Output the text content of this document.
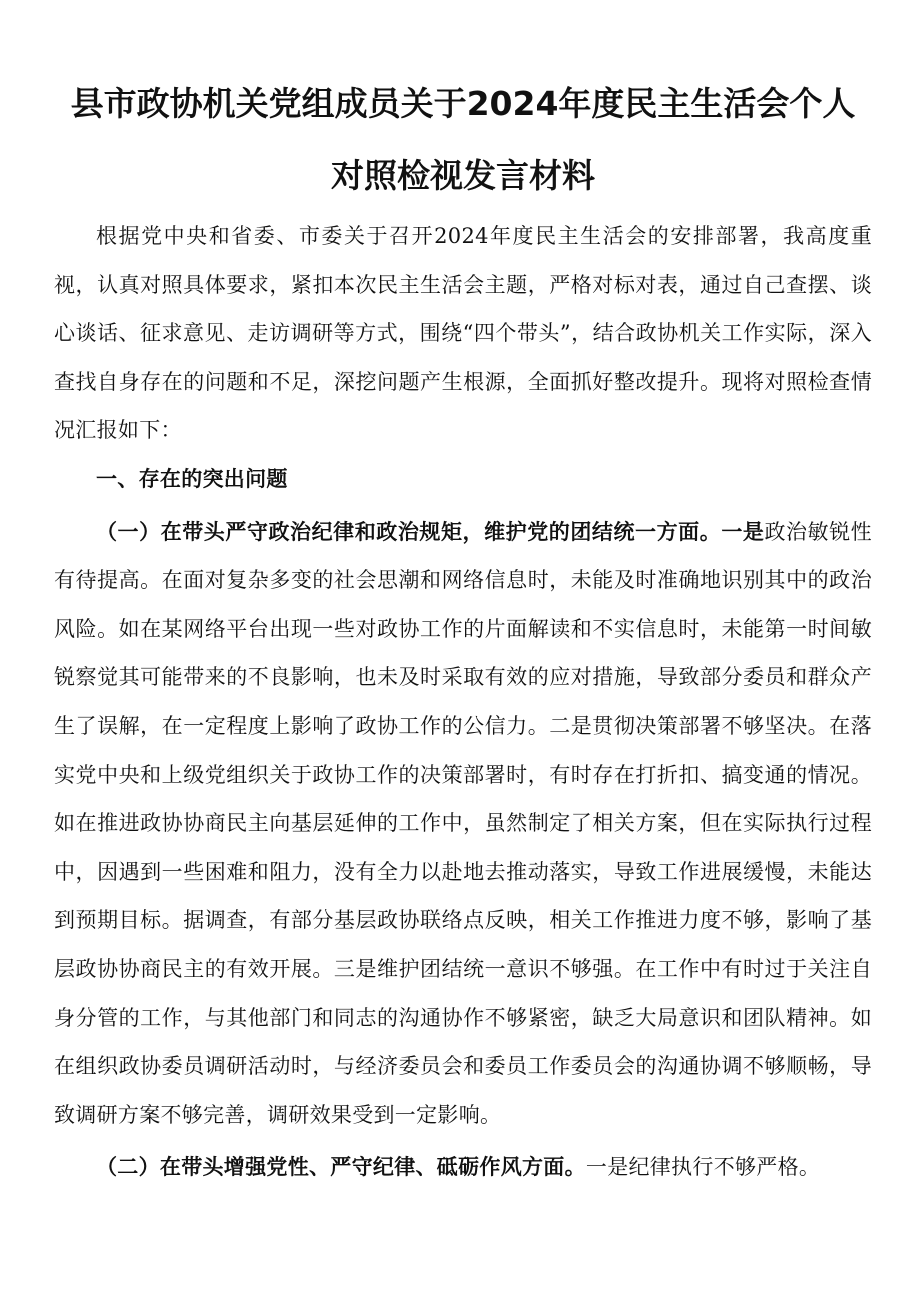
县市政协机关党组成员关于2024年度民主生活会个人
对照检视发言材料

根据党中央和省委、市委关于召开2024年度民主生活会的安排部署，我高度重视，认真对照具体要求，紧扣本次民主生活会主题，严格对标对表，通过自己查摆、谈心谈话、征求意见、走访调研等方式，围绕“四个带头”，结合政协机关工作实际，深入查找自身存在的问题和不足，深挖问题产生根源，全面抓好整改提升。现将对照检查情况汇报如下：

一、存在的突出问题

（一）在带头严守政治纪律和政治规矩，维护党的团结统一方面。一是政治敏锐性有待提高。在面对复杂多变的社会思潮和网络信息时，未能及时准确地识别其中的政治风险。如在某网络平台出现一些对政协工作的片面解读和不实信息时，未能第一时间敏锐察觉其可能带来的不良影响，也未及时采取有效的应对措施，导致部分委员和群众产生了误解，在一定程度上影响了政协工作的公信力。二是贯彻决策部署不够坚决。在落实党中央和上级党组织关于政协工作的决策部署时，有时存在打折扣、搞变通的情况。如在推进政协协商民主向基层延伸的工作中，虽然制定了相关方案，但在实际执行过程中，因遇到一些困难和阻力，没有全力以赴地去推动落实，导致工作进展缓慢，未能达到预期目标。据调查，有部分基层政协联络点反映，相关工作推进力度不够，影响了基层政协协商民主的有效开展。三是维护团结统一意识不够强。在工作中有时过于关注自身分管的工作，与其他部门和同志的沟通协作不够紧密，缺乏大局意识和团队精神。如在组织政协委员调研活动时，与经济委员会和委员工作委员会的沟通协调不够顺畅，导致调研方案不够完善，调研效果受到一定影响。

（二）在带头增强党性、严守纪律、砥砺作风方面。一是纪律执行不够严格。
